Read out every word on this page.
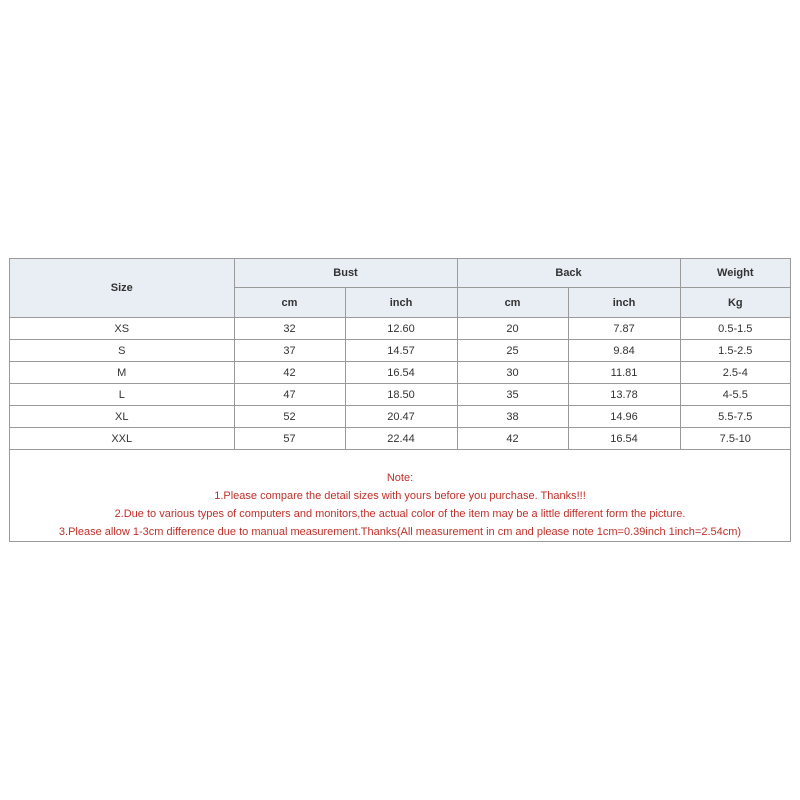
Size	Bust		Back		Weight
	cm	inch	cm	inch	Kg
XS	32	12.60	20	7.87	0.5-1.5
S	37	14.57	25	9.84	1.5-2.5
M	42	16.54	30	11.81	2.5-4
L	47	18.50	35	13.78	4-5.5
XL	52	20.47	38	14.96	5.5-7.5
XXL	57	22.44	42	16.54	7.5-10
Note:
1.Please compare the detail sizes with yours before you purchase. Thanks!!!
2.Due to various types of computers and monitors,the actual color of the item may be a little different form the picture.
3.Please allow 1-3cm difference due to manual measurement.Thanks(All measurement in cm and please note 1cm=0.39inch 1inch=2.54cm)
